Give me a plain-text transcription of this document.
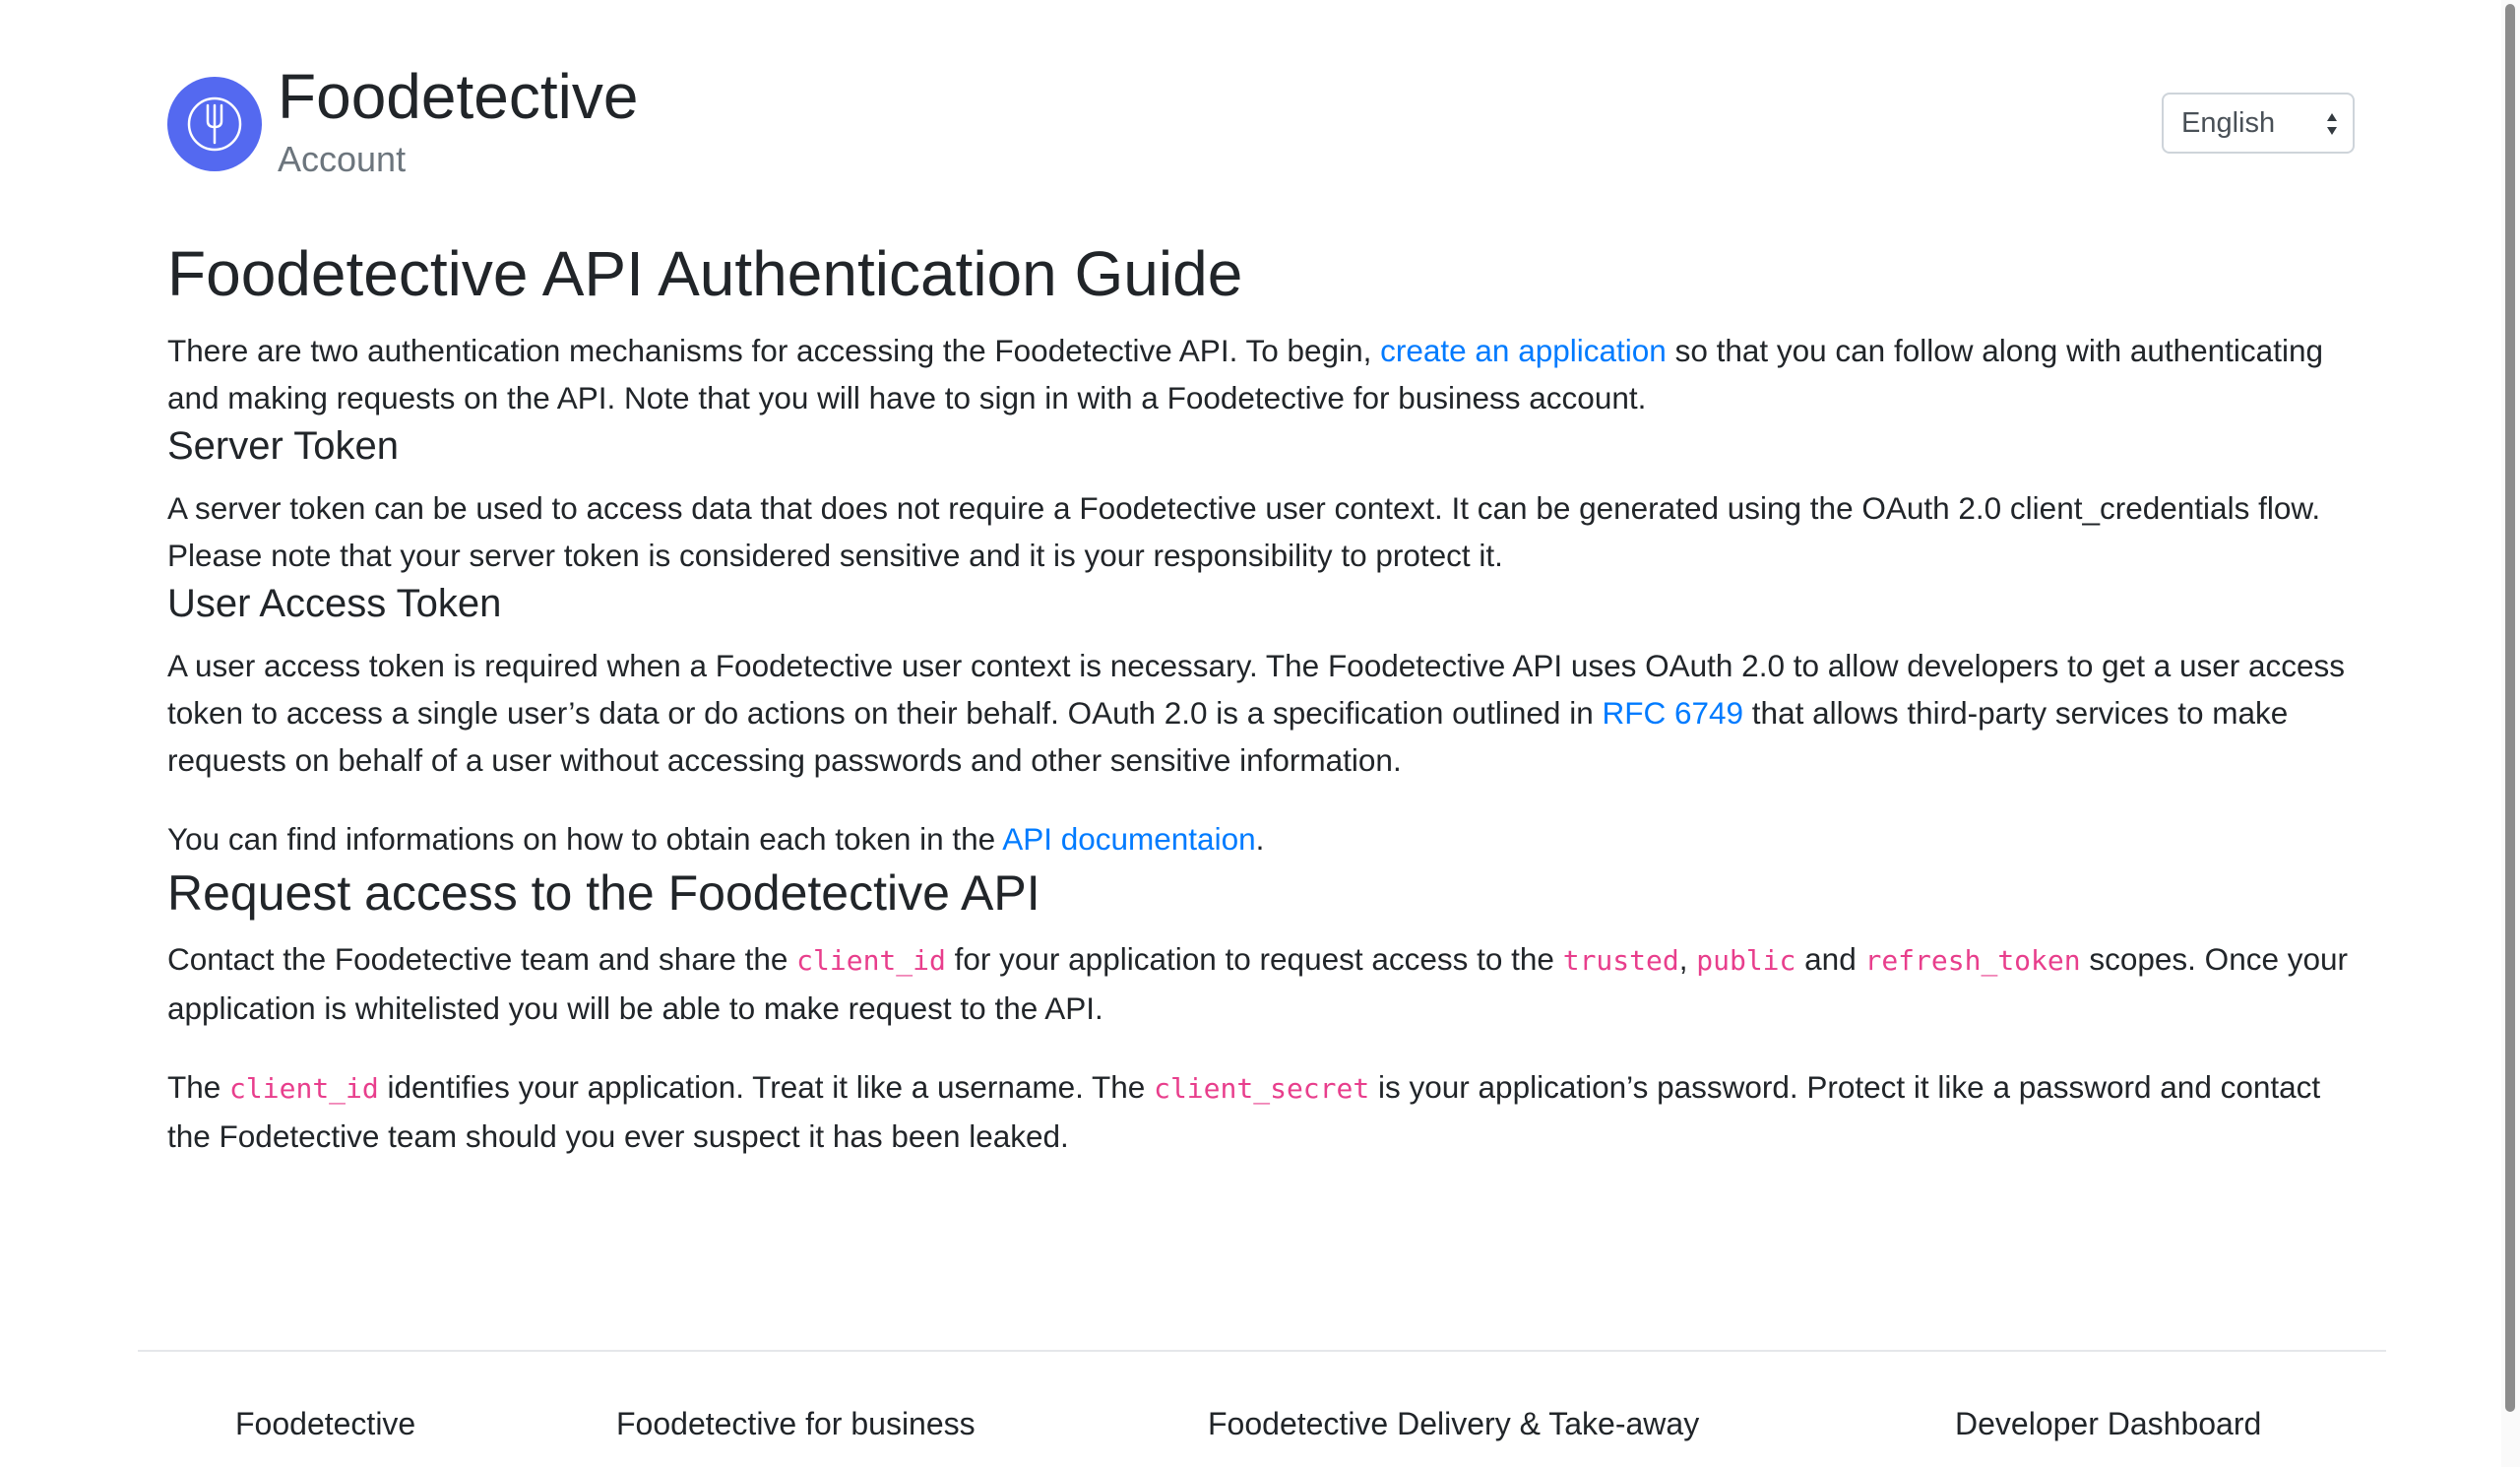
Foodetective
Account
English
Foodetective API Authentication Guide

There are two authentication mechanisms for accessing the Foodetective API. To begin, create an application so that you can follow along with authenticating and making requests on the API. Note that you will have to sign in with a Foodetective for business account.

Server Token

A server token can be used to access data that does not require a Foodetective user context. It can be generated using the OAuth 2.0 client_credentials flow. Please note that your server token is considered sensitive and it is your responsibility to protect it.

User Access Token

A user access token is required when a Foodetective user context is necessary. The Foodetective API uses OAuth 2.0 to allow developers to get a user access token to access a single user’s data or do actions on their behalf. OAuth 2.0 is a specification outlined in RFC 6749 that allows third-party services to make requests on behalf of a user without accessing passwords and other sensitive information.

You can find informations on how to obtain each token in the API documentaion.

Request access to the Foodetective API

Contact the Foodetective team and share the client_id for your application to request access to the trusted, public and refresh_token scopes. Once your application is whitelisted you will be able to make request to the API.

The client_id identifies your application. Treat it like a username. The client_secret is your application’s password. Protect it like a password and contact the Fodetective team should you ever suspect it has been leaked.

Foodetective	Foodetective for business	Foodetective Delivery & Take-away	Developer Dashboard
